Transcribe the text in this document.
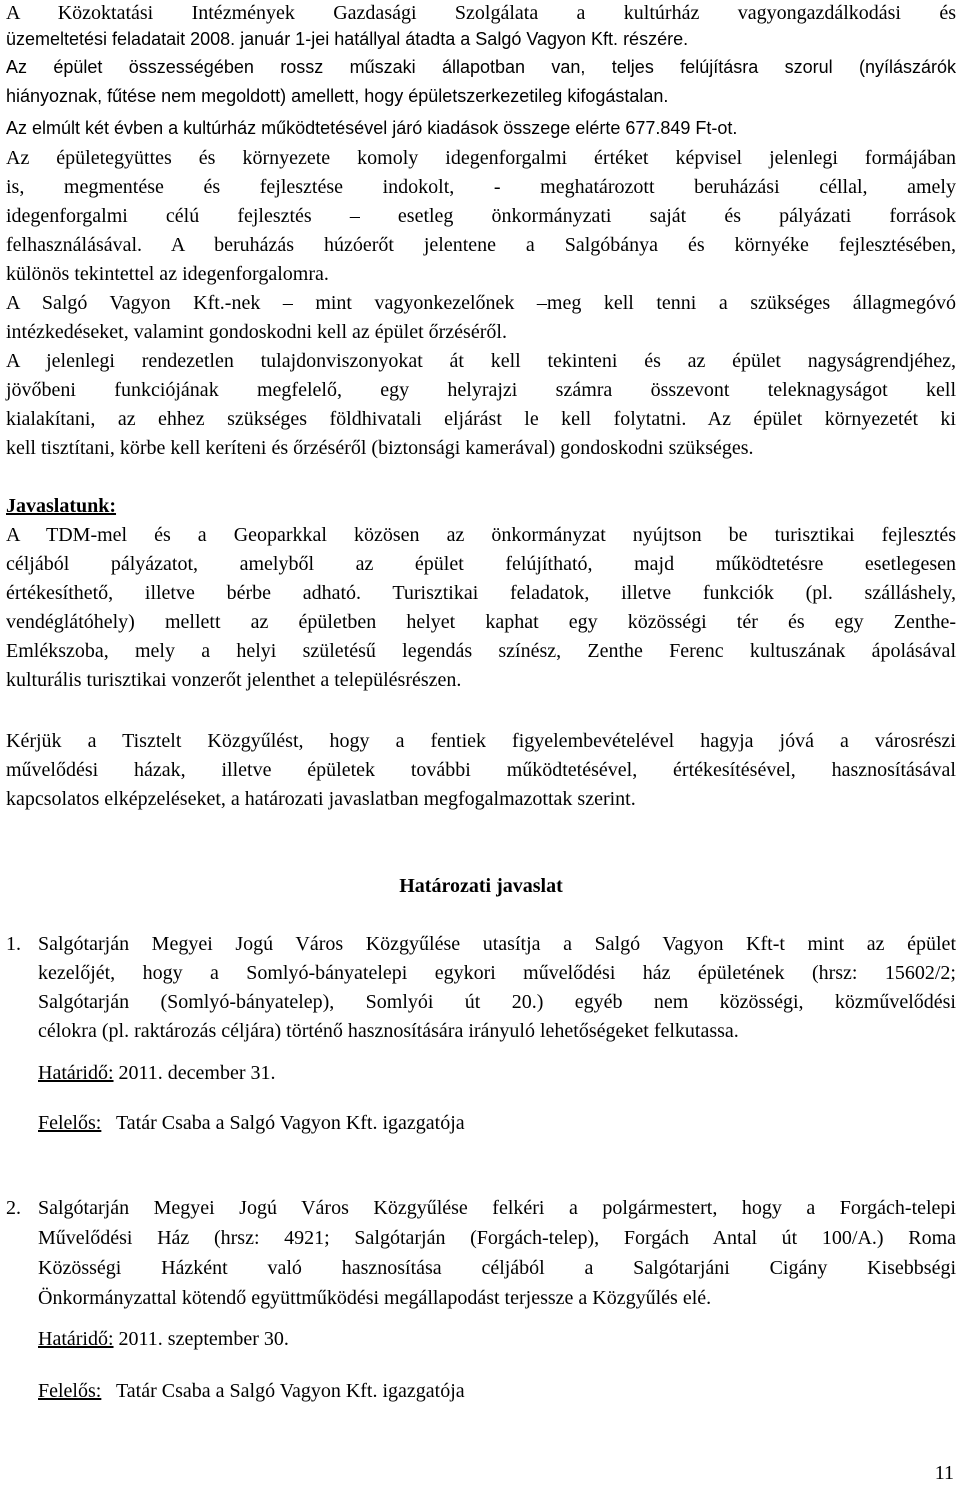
A Közoktatási Intézmények Gazdasági Szolgálata a kultúrház vagyongazdálkodási és
üzemeltetési feladatait 2008. január 1-jei hatállyal átadta a Salgó Vagyon Kft. részére.
Az épület összességében rossz műszaki állapotban van, teljes felújításra szorul (nyílászárók
hiányoznak, fűtése nem megoldott) amellett, hogy épületszerkezetileg kifogástalan.
Az elmúlt két évben a kultúrház működtetésével járó kiadások összege elérte 677.849 Ft-ot.
Az épületegyüttes és környezete komoly idegenforgalmi értéket képvisel jelenlegi formájában
is, megmentése és fejlesztése indokolt, - meghatározott beruházási céllal, amely
idegenforgalmi célú fejlesztés – esetleg önkormányzati saját és pályázati források
felhasználásával. A beruházás húzóerőt jelentene a Salgóbánya és környéke fejlesztésében,
különös tekintettel az idegenforgalomra.
A Salgó Vagyon Kft.-nek – mint vagyonkezelőnek –meg kell tenni a szükséges állagmegóvó
intézkedéseket, valamint gondoskodni kell az épület őrzéséről.
A jelenlegi rendezetlen tulajdonviszonyokat át kell tekinteni és az épület nagyságrendjéhez,
jövőbeni funkciójának megfelelő, egy helyrajzi számra összevont teleknagyságot kell
kialakítani, az ehhez szükséges földhivatali eljárást le kell folytatni. Az épület környezetét ki
kell tisztítani, körbe kell keríteni és őrzéséről (biztonsági kamerával) gondoskodni szükséges.
Javaslatunk:
A TDM-mel és a Geoparkkal közösen az önkormányzat nyújtson be turisztikai fejlesztés
céljából pályázatot, amelyből az épület felújítható, majd működtetésre esetlegesen
értékesíthető, illetve bérbe adható. Turisztikai feladatok, illetve funkciók (pl. szálláshely,
vendéglátóhely) mellett az épületben helyet kaphat egy közösségi tér és egy Zenthe-
Emlékszoba, mely a helyi születésű legendás színész, Zenthe Ferenc kultuszának ápolásával
kulturális turisztikai vonzerőt jelenthet a településrészen.
Kérjük a Tisztelt Közgyűlést, hogy a fentiek figyelembevételével hagyja jóvá a városrészi
művelődési házak, illetve épületek további működtetésével, értékesítésével, hasznosításával
kapcsolatos elképzeléseket, a határozati javaslatban megfogalmazottak szerint.
Határozati javaslat
1. Salgótarján Megyei Jogú Város Közgyűlése utasítja a Salgó Vagyon Kft-t mint az épület
kezelőjét, hogy a Somlyó-bányatelepi egykori művelődési ház épületének (hrsz: 15602/2;
Salgótarján (Somlyó-bányatelep), Somlyói út 20.) egyéb nem közösségi, közművelődési
célokra (pl. raktározás céljára) történő hasznosítására irányuló lehetőségeket felkutassa.
Határidő: 2011. december 31.
Felelős:   Tatár Csaba a Salgó Vagyon Kft. igazgatója
2. Salgótarján Megyei Jogú Város Közgyűlése felkéri a polgármestert, hogy a Forgách-telepi
Művelődési Ház (hrsz: 4921; Salgótarján (Forgách-telep), Forgách Antal út 100/A.) Roma
Közösségi Házként való hasznosítása céljából a Salgótarjáni Cigány Kisebbségi
Önkormányzattal kötendő együttműködési megállapodást terjessze a Közgyűlés elé.
Határidő: 2011. szeptember 30.
Felelős:   Tatár Csaba a Salgó Vagyon Kft. igazgatója
11
